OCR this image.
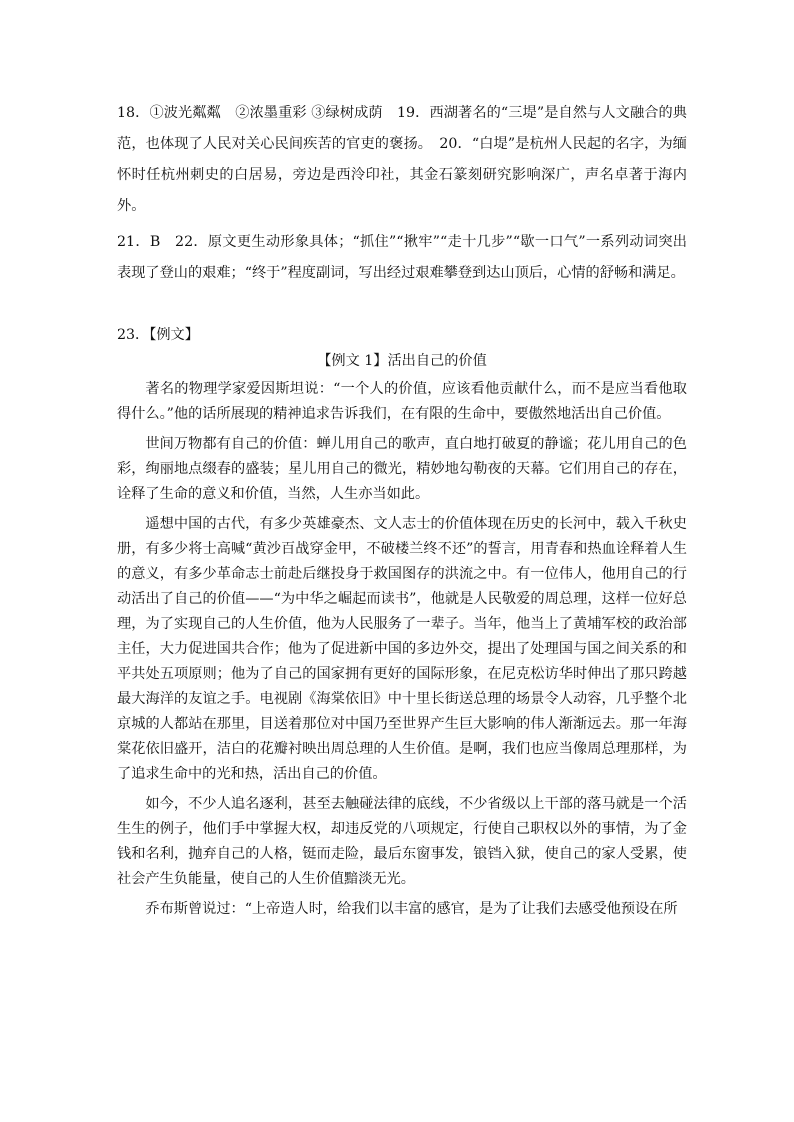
18．①波光粼粼　②浓墨重彩 ③绿树成荫　19．西湖著名的“三堤”是自然与人文融合的典范，也体现了人民对关心民间疾苦的官吏的褒扬。　20．“白堤”是杭州人民起的名字，为缅怀时任杭州刺史的白居易，旁边是西泠印社，其金石篆刻研究影响深广，声名卓著于海内外。

21．B　22．原文更生动形象具体；“抓住”“揪牢”“走十几步”“歇一口气”一系列动词突出表现了登山的艰难；“终于”程度副词，写出经过艰难攀登到达山顶后，心情的舒畅和满足。

23．【例文】

【例文 1】活出自己的价值

著名的物理学家爱因斯坦说：“一个人的价值，应该看他贡献什么，而不是应当看他取得什么。”他的话所展现的精神追求告诉我们，在有限的生命中，要傲然地活出自己价值。

世间万物都有自己的价值：蝉儿用自己的歌声，直白地打破夏的静谧；花儿用自己的色彩，绚丽地点缀春的盛装；星儿用自己的微光，精妙地勾勒夜的天幕。它们用自己的存在，诠释了生命的意义和价值，当然，人生亦当如此。

遥想中国的古代，有多少英雄豪杰、文人志士的价值体现在历史的长河中，载入千秋史册，有多少将士高喊“黄沙百战穿金甲，不破楼兰终不还”的誓言，用青春和热血诠释着人生的意义，有多少革命志士前赴后继投身于救国图存的洪流之中。有一位伟人，他用自己的行动活出了自己的价值——“为中华之崛起而读书”，他就是人民敬爱的周总理，这样一位好总理，为了实现自己的人生价值，他为人民服务了一辈子。当年，他当上了黄埔军校的政治部主任，大力促进国共合作；他为了促进新中国的多边外交，提出了处理国与国之间关系的和平共处五项原则；他为了自己的国家拥有更好的国际形象，在尼克松访华时伸出了那只跨越最大海洋的友谊之手。电视剧《海棠依旧》中十里长街送总理的场景令人动容，几乎整个北京城的人都站在那里，目送着那位对中国乃至世界产生巨大影响的伟人渐渐远去。那一年海棠花依旧盛开，洁白的花瓣衬映出周总理的人生价值。是啊，我们也应当像周总理那样，为了追求生命中的光和热，活出自己的价值。

如今，不少人追名逐利，甚至去触碰法律的底线，不少省级以上干部的落马就是一个活生生的例子，他们手中掌握大权，却违反党的八项规定，行使自己职权以外的事情，为了金钱和名利，抛弃自己的人格，铤而走险，最后东窗事发，锒铛入狱，使自己的家人受累，使社会产生负能量，使自己的人生价值黯淡无光。

乔布斯曾说过：“上帝造人时，给我们以丰富的感官，是为了让我们去感受他预设在所
